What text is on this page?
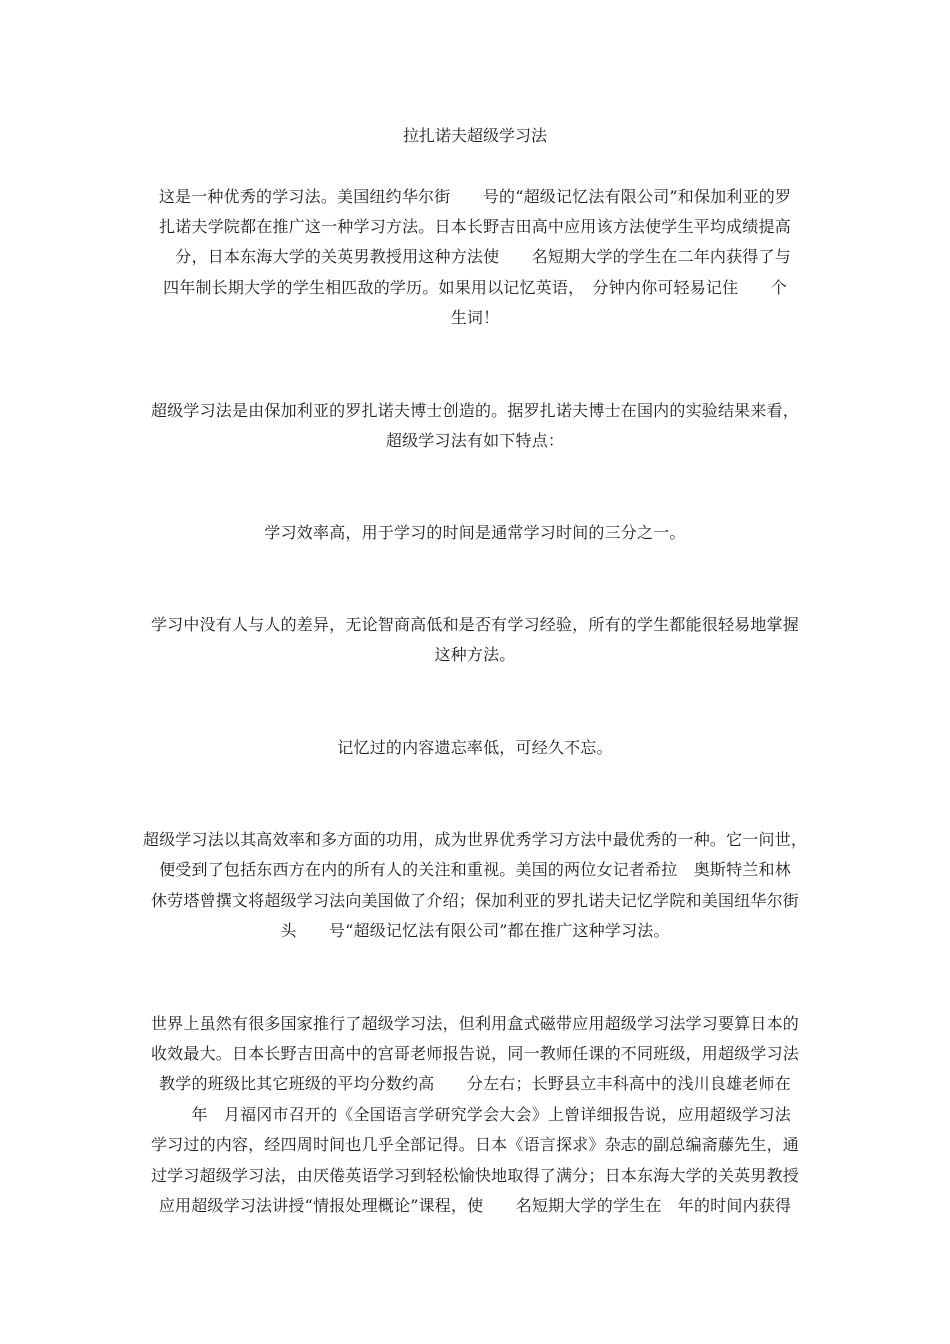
拉扎诺夫超级学习法
这是一种优秀的学习法。美国纽约华尔街　　号的“超级记忆法有限公司”和保加利亚的罗
扎诺夫学院都在推广这一种学习方法。日本长野吉田高中应用该方法使学生平均成绩提高
　分，日本东海大学的关英男教授用这种方法使　　名短期大学的学生在二年内获得了与
四年制长期大学的学生相匹敌的学历。如果用以记忆英语，　分钟内你可轻易记住　　个
生词！
超级学习法是由保加利亚的罗扎诺夫博士创造的。据罗扎诺夫博士在国内的实验结果来看，
超级学习法有如下特点：
学习效率高，用于学习的时间是通常学习时间的三分之一。
学习中没有人与人的差异，无论智商高低和是否有学习经验，所有的学生都能很轻易地掌握
这种方法。
记忆过的内容遗忘率低，可经久不忘。
超级学习法以其高效率和多方面的功用，成为世界优秀学习方法中最优秀的一种。它一问世，
便受到了包括东西方在内的所有人的关注和重视。美国的两位女记者希拉　奥斯特兰和林
休劳塔曾撰文将超级学习法向美国做了介绍；保加利亚的罗扎诺夫记忆学院和美国纽华尔街
头　　号“超级记忆法有限公司”都在推广这种学习法。
世界上虽然有很多国家推行了超级学习法，但利用盒式磁带应用超级学习法学习要算日本的
收效最大。日本长野吉田高中的宫哥老师报告说，同一教师任课的不同班级，用超级学习法
教学的班级比其它班级的平均分数约高　　分左右；长野县立丰科高中的浅川良雄老师在
　　年　月福冈市召开的《全国语言学研究学会大会》上曾详细报告说，应用超级学习法
学习过的内容，经四周时间也几乎全部记得。日本《语言探求》杂志的副总编斋藤先生，通
过学习超级学习法，由厌倦英语学习到轻松愉快地取得了满分；日本东海大学的关英男教授
应用超级学习法讲授“情报处理概论”课程，使　　名短期大学的学生在　年的时间内获得
